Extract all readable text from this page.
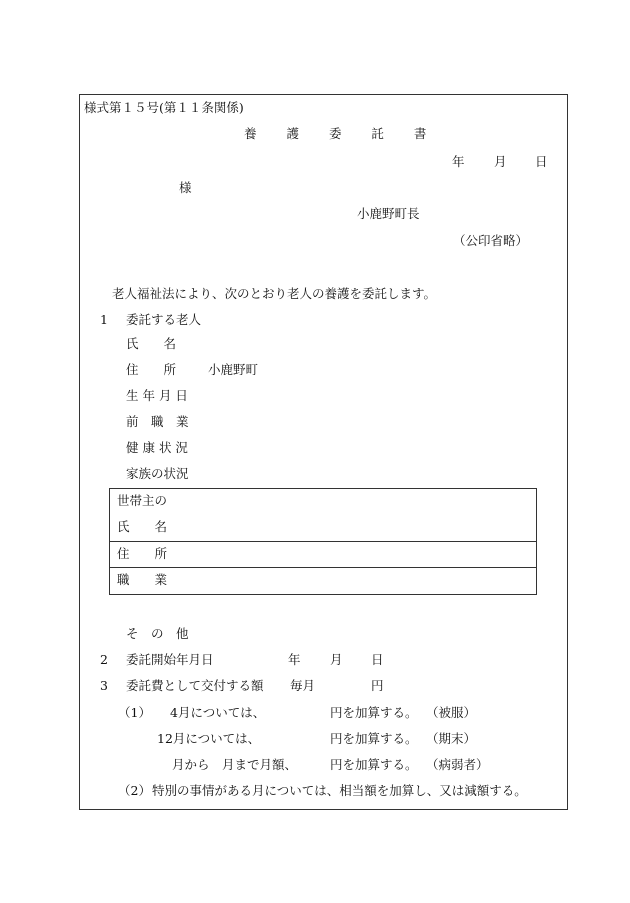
様式第１５号(第１１条関係)
養 護 委 託 書
年 月 日
様
小鹿野町長
（公印省略）
老人福祉法により、次のとおり老人の養護を委託します。
1 委託する老人
氏　　名
住　　所	小鹿野町
生 年 月 日
前　職　業
健 康 状 況
家族の状況
世帯主の
氏　　名
住　　所
職　　業
そ　の　他
2 委託開始年月日	年 月 日
3 委託費として交付する額 毎月	円
（1） 4月については、	円を加算する。 （被服）
12月については、	円を加算する。 （期末）
月から　月まで月額、	円を加算する。 （病弱者）
（2） 特別の事情がある月については、相当額を加算し、又は減額する。
